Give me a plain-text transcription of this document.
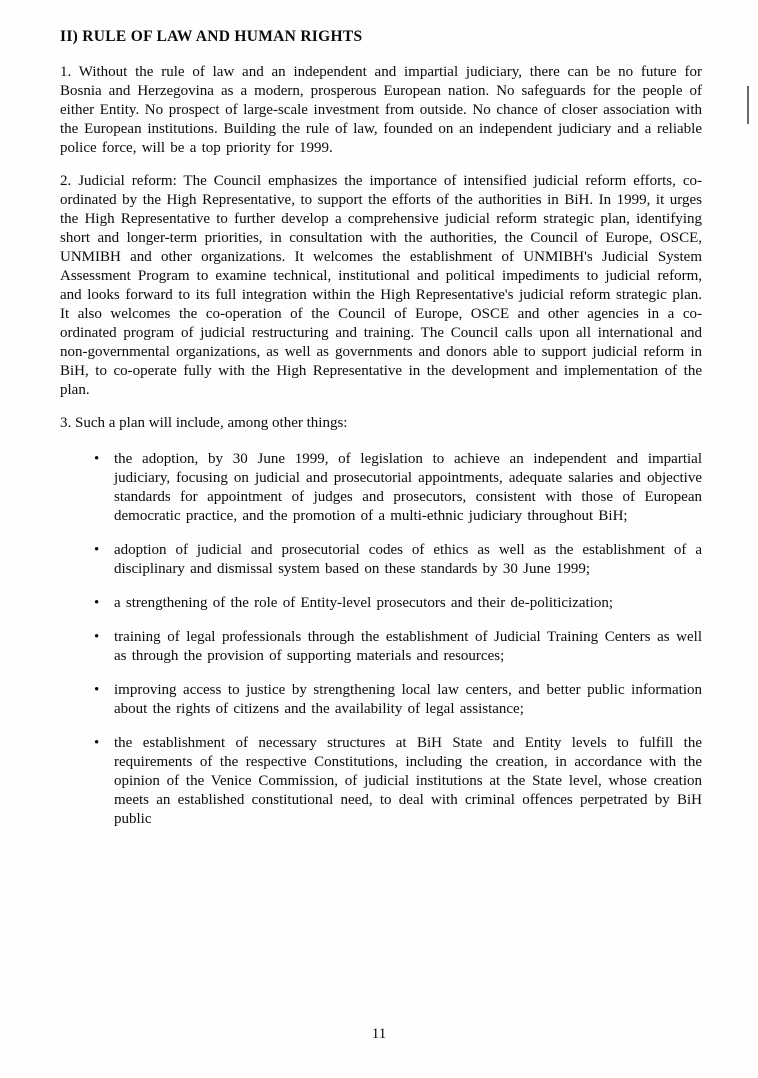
II) RULE OF LAW AND HUMAN RIGHTS

1. Without the rule of law and an independent and impartial judiciary, there can be no future for Bosnia and Herzegovina as a modern, prosperous European nation. No safeguards for the people of either Entity. No prospect of large-scale investment from outside. No chance of closer association with the European institutions. Building the rule of law, founded on an independent judiciary and a reliable police force, will be a top priority for 1999.

2. Judicial reform: The Council emphasizes the importance of intensified judicial reform efforts, co-ordinated by the High Representative, to support the efforts of the authorities in BiH. In 1999, it urges the High Representative to further develop a comprehensive judicial reform strategic plan, identifying short and longer-term priorities, in consultation with the authorities, the Council of Europe, OSCE, UNMIBH and other organizations. It welcomes the establishment of UNMIBH's Judicial System Assessment Program to examine technical, institutional and political impediments to judicial reform, and looks forward to its full integration within the High Representative's judicial reform strategic plan. It also welcomes the co-operation of the Council of Europe, OSCE and other agencies in a co-ordinated program of judicial restructuring and training. The Council calls upon all international and non-governmental organizations, as well as governments and donors able to support judicial reform in BiH, to co-operate fully with the High Representative in the development and implementation of the plan.

3. Such a plan will include, among other things:

• the adoption, by 30 June 1999, of legislation to achieve an independent and impartial judiciary, focusing on judicial and prosecutorial appointments, adequate salaries and objective standards for appointment of judges and prosecutors, consistent with those of European democratic practice, and the promotion of a multi-ethnic judiciary throughout BiH;

• adoption of judicial and prosecutorial codes of ethics as well as the establishment of a disciplinary and dismissal system based on these standards by 30 June 1999;

• a strengthening of the role of Entity-level prosecutors and their de-politicization;

• training of legal professionals through the establishment of Judicial Training Centers as well as through the provision of supporting materials and resources;

• improving access to justice by strengthening local law centers, and better public information about the rights of citizens and the availability of legal assistance;

• the establishment of necessary structures at BiH State and Entity levels to fulfill the requirements of the respective Constitutions, including the creation, in accordance with the opinion of the Venice Commission, of judicial institutions at the State level, whose creation meets an established constitutional need, to deal with criminal offences perpetrated by BiH public

11
